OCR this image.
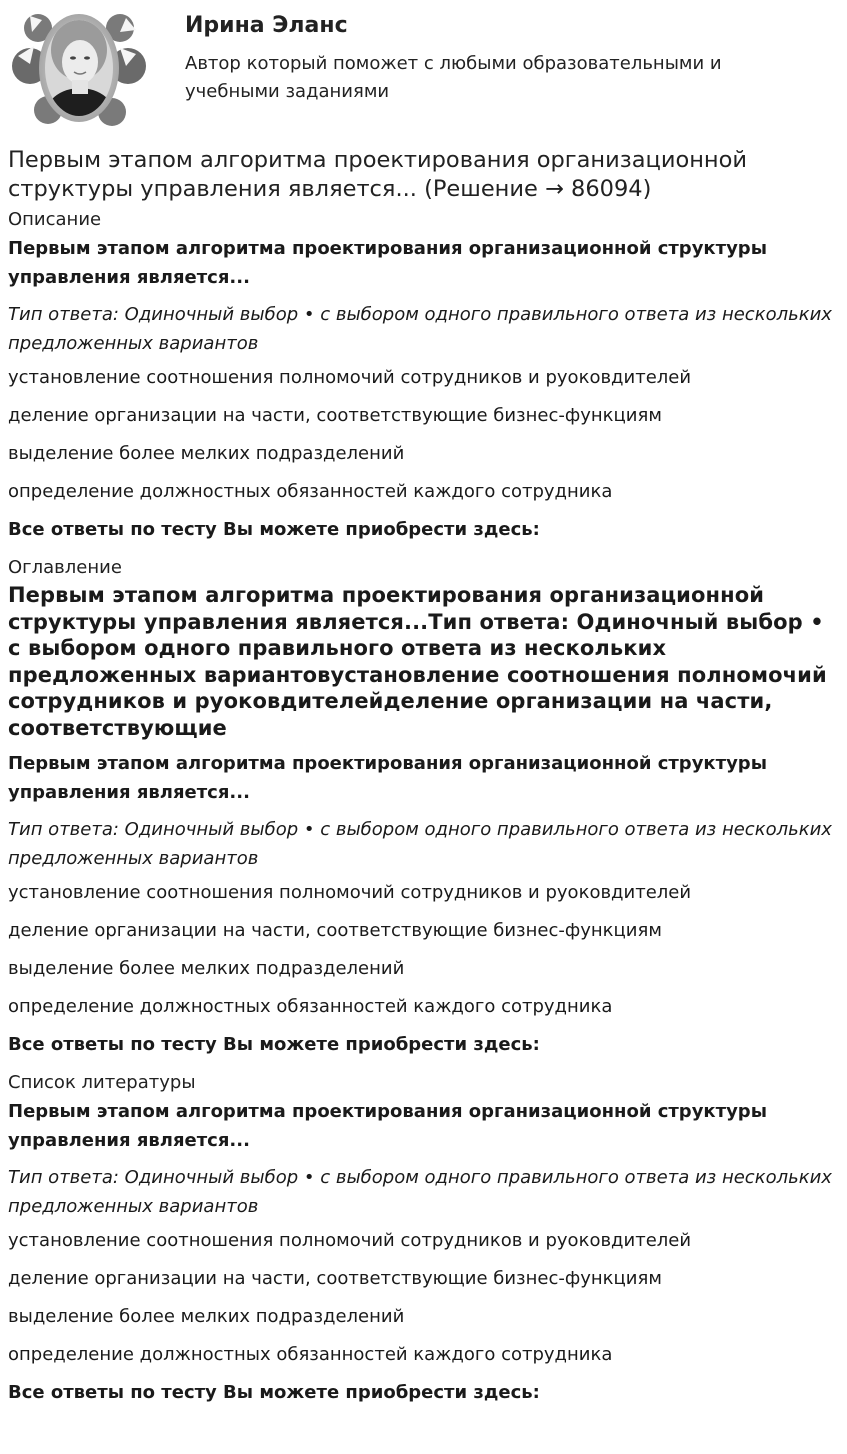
Ирина Эланс
Автор который поможет с любыми образовательными и учебными заданиями
Первым этапом алгоритма проектирования организационной структуры управления является... (Решение → 86094)
Описание
Первым этапом алгоритма проектирования организационной структуры управления является...
Тип ответа: Одиночный выбор • с выбором одного правильного ответа из нескольких предложенных вариантов
установление соотношения полномочий сотрудников и руоковдителей
деление организации на части, соответствующие бизнес-функциям
выделение более мелких подразделений
определение должностных обязанностей каждого сотрудника
Все ответы по тесту Вы можете приобрести здесь:
Оглавление
Первым этапом алгоритма проектирования организационной структуры управления является...Тип ответа: Одиночный выбор • с выбором одного правильного ответа из нескольких предложенных вариантовустановление соотношения полномочий сотрудников и руоковдителейделение организации на части, соответствующие
Первым этапом алгоритма проектирования организационной структуры управления является...
Тип ответа: Одиночный выбор • с выбором одного правильного ответа из нескольких предложенных вариантов
установление соотношения полномочий сотрудников и руоковдителей
деление организации на части, соответствующие бизнес-функциям
выделение более мелких подразделений
определение должностных обязанностей каждого сотрудника
Все ответы по тесту Вы можете приобрести здесь:
Список литературы
Первым этапом алгоритма проектирования организационной структуры управления является...
Тип ответа: Одиночный выбор • с выбором одного правильного ответа из нескольких предложенных вариантов
установление соотношения полномочий сотрудников и руоковдителей
деление организации на части, соответствующие бизнес-функциям
выделение более мелких подразделений
определение должностных обязанностей каждого сотрудника
Все ответы по тесту Вы можете приобрести здесь:
